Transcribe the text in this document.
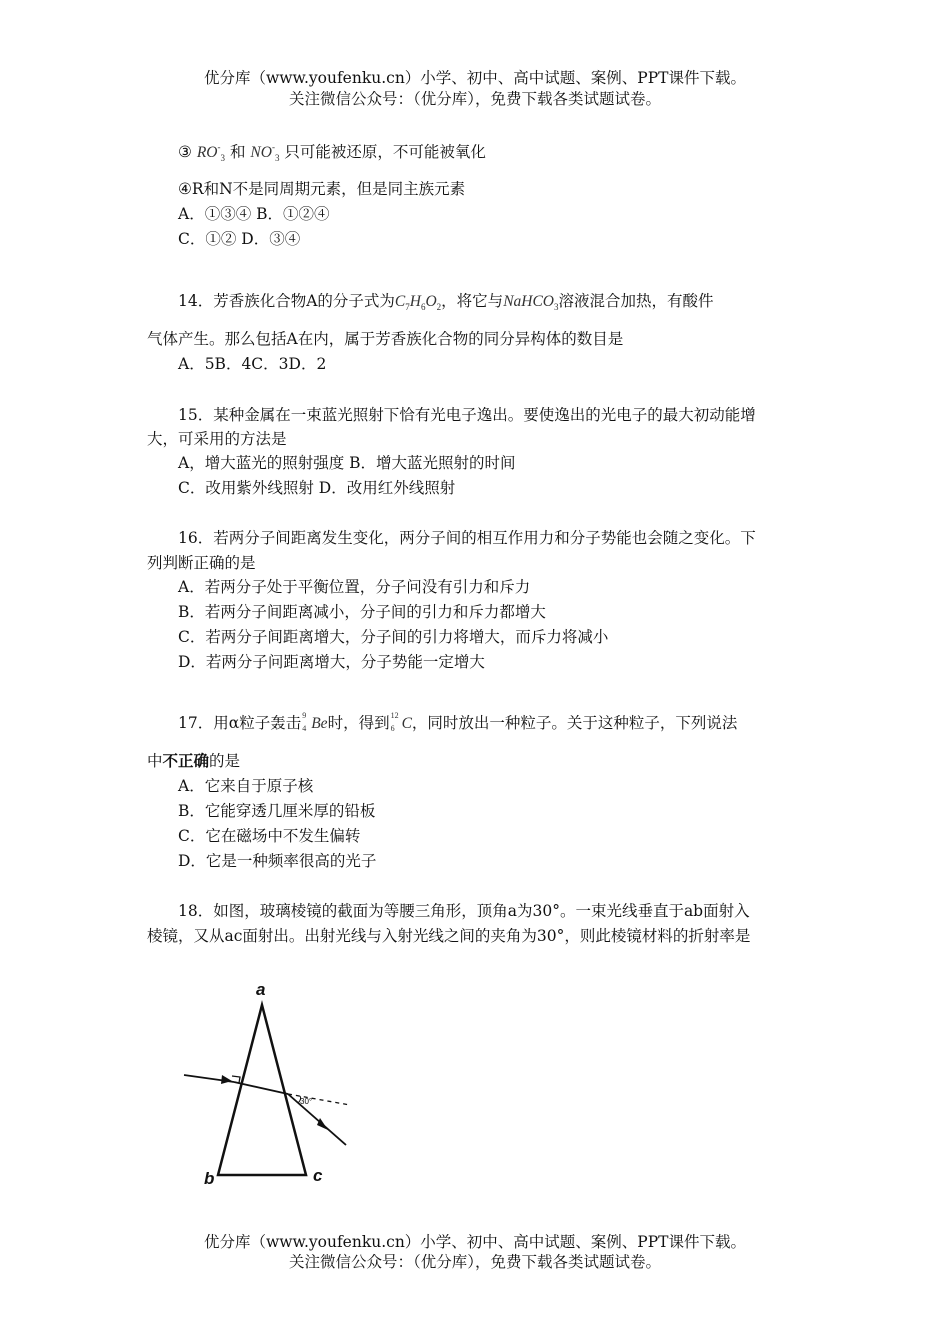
优分库（www.youfenku.cn）小学、初中、高中试题、案例、PPT课件下载。
关注微信公众号：（优分库），免费下载各类试题试卷。
③ $RO^-_3$ 和 $NO^-_3$ 只可能被还原，不可能被氧化
④R和N不是同周期元素，但是同主族元素
A．①③④ B．①②④
C．①② D．③④
14．芳香族化合物A的分子式为$C_7H_6O_2$，将它与NaHCO$_3$溶液混合加热，有酸件
气体产生。那么包括A在内，属于芳香族化合物的同分异构体的数目是
A．5B．4C．3D．2
15．某种金属在一束蓝光照射下恰有光电子逸出。要使逸出的光电子的最大初动能增
大，可采用的方法是
A，增大蓝光的照射强度 B．增大蓝光照射的时间
C．改用紫外线照射 D．改用红外线照射
16．若两分子间距离发生变化，两分子间的相互作用力和分子势能也会随之变化。下
列判断正确的是
A．若两分子处于平衡位置，分子问没有引力和斥力
B．若两分子间距离减小，分子间的引力和斥力都增大
C．若两分子间距离增大，分子间的引力将增大，而斥力将减小
D．若两分子问距离增大，分子势能一定增大
17．用α粒子轰击 9
4 Be时，得到 12
6 C，同时放出一种粒子。关于这种粒子，下列说法
中不正确的是
A．它来自于原子核
B．它能穿透几厘米厚的铅板
C．它在磁场中不发生偏转
D．它是一种频率很高的光子
18．如图，玻璃棱镜的截面为等腰三角形，顶角a为30°。一束光线垂直于ab面射入
棱镜，又从ac面射出。出射光线与入射光线之间的夹角为30°，则此棱镜材料的折射率是
30°
a
b	c
优分库（www.youfenku.cn）小学、初中、高中试题、案例、PPT课件下载。
关注微信公众号：（优分库），免费下载各类试题试卷。
